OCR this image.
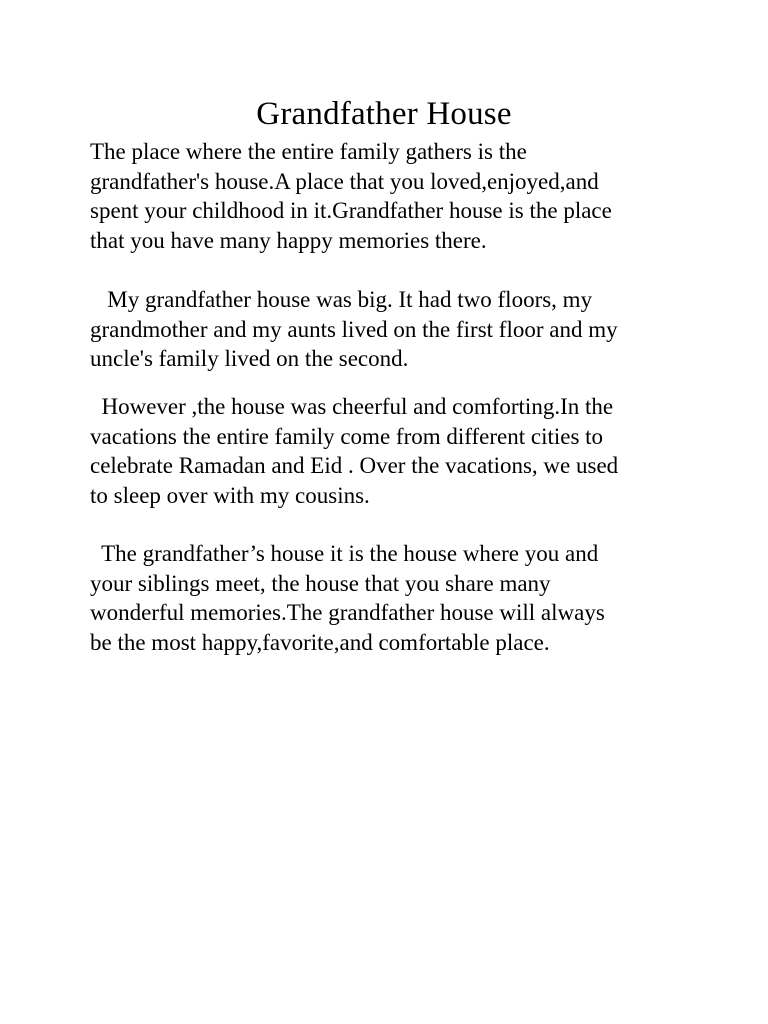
Grandfather House

The place where the entire family gathers is the
grandfather's house.A place that you loved,enjoyed,and
spent your childhood in it.Grandfather house is the place
that you have many happy memories there.

My grandfather house was big. It had two floors, my
grandmother and my aunts lived on the first floor and my
uncle's family lived on the second.

However ,the house was cheerful and comforting.In the
vacations the entire family come from different cities to
celebrate Ramadan and Eid . Over the vacations, we used
to sleep over with my cousins.

The grandfather’s house it is the house where you and
your siblings meet, the house that you share many
wonderful memories.The grandfather house will always
be the most happy,favorite,and comfortable place.
